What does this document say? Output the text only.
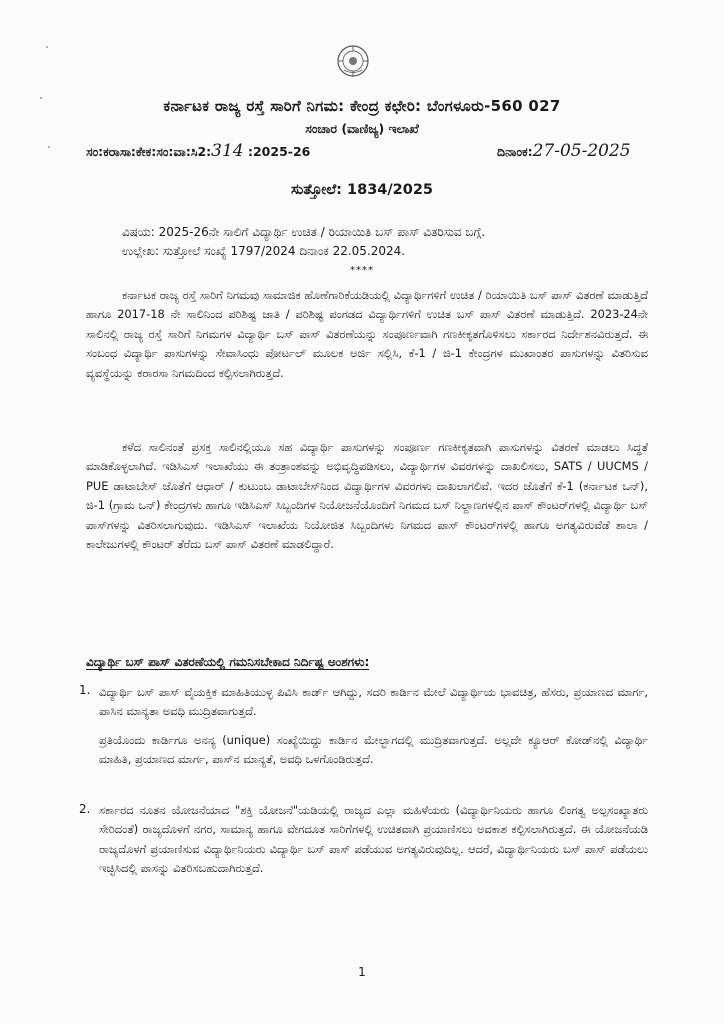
ಕರ್ನಾಟಕ ರಾಜ್ಯ ರಸ್ತೆ ಸಾರಿಗೆ ನಿಗಮ: ಕೇಂದ್ರ ಕಛೇರಿ: ಬೆಂಗಳೂರು-560 027
ಸಂಚಾರ (ವಾಣಿಜ್ಯ) ಇಲಾಖೆ
ಸಂ:ಕರಾಸಾ:ಕೇಕ:ಸಂ:ವಾ:ಸಿ2:314 :2025-26	ದಿನಾಂಕ:27-05-2025
ಸುತ್ತೋಲೆ: 1834/2025
ವಿಷಯ: 2025-26ನೇ ಸಾಲಿಗೆ ವಿದ್ಯಾರ್ಥಿ ಉಚಿತ / ರಿಯಾಯಿತಿ ಬಸ್ ಪಾಸ್ ವಿತರಿಸುವ ಬಗ್ಗೆ.
ಉಲ್ಲೇಖ: ಸುತ್ತೋಲೆ ಸಂಖ್ಯೆ 1797/2024 ದಿನಾಂಕ 22.05.2024.
****

ಕರ್ನಾಟಕ ರಾಜ್ಯ ರಸ್ತೆ ಸಾರಿಗೆ ನಿಗಮವು ಸಾಮಾಜಿಕ ಹೊಣೆಗಾರಿಕೆಯಡಿಯಲ್ಲಿ ವಿದ್ಯಾರ್ಥಿಗಳಿಗೆ ಉಚಿತ / ರಿಯಾಯಿತಿ ಬಸ್ ಪಾಸ್ ವಿತರಣೆ ಮಾಡುತ್ತಿದೆ ಹಾಗೂ 2017-18 ನೇ ಸಾಲಿನಿಂದ ಪರಿಶಿಷ್ಟ ಜಾತಿ / ಪರಿಶಿಷ್ಟ ಪಂಗಡದ ವಿದ್ಯಾರ್ಥಿಗಳಿಗೆ ಉಚಿತ ಬಸ್ ಪಾಸ್ ವಿತರಣೆ ಮಾಡುತ್ತಿದೆ. 2023-24ನೇ ಸಾಲಿನಲ್ಲಿ ರಾಜ್ಯ ರಸ್ತೆ ಸಾರಿಗೆ ನಿಗಮಗಳ ವಿದ್ಯಾರ್ಥಿ ಬಸ್ ಪಾಸ್ ವಿತರಣೆಯನ್ನು ಸಂಪೂರ್ಣವಾಗಿ ಗಣಕೀಕೃತಗೊಳಿಸಲು ಸರ್ಕಾರದ ನಿರ್ದೇಶನವಿರುತ್ತದೆ. ಈ ಸಂಬಂಧ ವಿದ್ಯಾರ್ಥಿ ಪಾಸುಗಳನ್ನು ಸೇವಾಸಿಂಧು ಪೋರ್ಟಲ್ ಮೂಲಕ ಅರ್ಜಿ ಸಲ್ಲಿಸಿ, ಕೆ-1 / ಜಿ-1 ಕೇಂದ್ರಗಳ ಮುಖಾಂತರ ಪಾಸುಗಳನ್ನು ವಿತರಿಸುವ ವ್ಯವಸ್ಥೆಯನ್ನು ಕರಾರಸಾ ನಿಗಮದಿಂದ ಕಲ್ಪಿಸಲಾಗಿರುತ್ತದೆ.

ಕಳೆದ ಸಾಲಿನಂತೆ ಪ್ರಸಕ್ತ ಸಾಲಿನಲ್ಲಿಯೂ ಸಹ ವಿದ್ಯಾರ್ಥಿ ಪಾಸುಗಳನ್ನು ಸಂಪೂರ್ಣ ಗಣಕೀಕೃತವಾಗಿ ಪಾಸುಗಳನ್ನು ವಿತರಣೆ ಮಾಡಲು ಸಿದ್ಧತೆ ಮಾಡಿಕೊಳ್ಳಲಾಗಿದೆ. ಇಡಿಸಿಎಸ್ ಇಲಾಖೆಯು ಈ ತಂತ್ರಾಂಶವನ್ನು ಅಭಿವೃದ್ಧಿಪಡಿಸಲು, ವಿದ್ಯಾರ್ಥಿಗಳ ವಿವರಗಳನ್ನು ದಾಖಲಿಸಲು, SATS / UUCMS / PUE ಡಾಟಾಬೇಸ್ ಜೊತೆಗೆ ಆಧಾರ್ / ಕುಟುಂಬ ಡಾಟಾಬೇಸ್‌ನಿಂದ ವಿದ್ಯಾರ್ಥಿಗಳ ವಿವರಗಳು ದಾಖಲಾಗಲಿವೆ. ಇದರ ಜೊತೆಗೆ ಕೆ-1 (ಕರ್ನಾಟಕ ಒನ್), ಜಿ-1 (ಗ್ರಾಮ ಒನ್) ಕೇಂದ್ರಗಳು ಹಾಗೂ ಇಡಿಸಿಎಸ್ ಸಿಬ್ಬಂದಿಗಳ ನಿಯೋಜನೆಯೊಂದಿಗೆ ನಿಗಮದ ಬಸ್ ನಿಲ್ದಾಣಗಳಲ್ಲಿನ ಪಾಸ್ ಕೌಂಟರ್‌ಗಳಲ್ಲಿ ವಿದ್ಯಾರ್ಥಿ ಬಸ್ ಪಾಸ್‌ಗಳನ್ನು ವಿತರಿಸಲಾಗುವುದು. ಇಡಿಸಿಎಸ್ ಇಲಾಖೆಯ ನಿಯೋಜಿತ ಸಿಬ್ಬಂದಿಗಳು ನಿಗಮದ ಪಾಸ್ ಕೌಂಟರ್‌ಗಳಲ್ಲಿ ಹಾಗೂ ಅಗತ್ಯವಿರುವೆಡೆ ಶಾಲಾ / ಕಾಲೇಜುಗಳಲ್ಲಿ ಕೌಂಟರ್ ತೆರೆದು ಬಸ್ ಪಾಸ್ ವಿತರಣೆ ಮಾಡಲಿದ್ದಾರೆ.

ವಿದ್ಯಾರ್ಥಿ ಬಸ್ ಪಾಸ್ ವಿತರಣೆಯಲ್ಲಿ ಗಮನಿಸಬೇಕಾದ ನಿರ್ದಿಷ್ಟ ಅಂಶಗಳು:
1. ವಿದ್ಯಾರ್ಥಿ ಬಸ್ ಪಾಸ್ ವೈಯಕ್ತಿಕ ಮಾಹಿತಿಯುಳ್ಳ ಪಿವಿಸಿ ಕಾರ್ಡ್ ಆಗಿದ್ದು, ಸದರಿ ಕಾರ್ಡಿನ ಮೇಲೆ ವಿದ್ಯಾರ್ಥಿಯ ಭಾವಚಿತ್ರ, ಹೆಸರು, ಪ್ರಯಾಣದ ಮಾರ್ಗ, ಪಾಸಿನ ಮಾನ್ಯತಾ ಅವಧಿ ಮುದ್ರಿತವಾಗುತ್ತದೆ.

ಪ್ರತಿಯೊಂದು ಕಾರ್ಡಿಗೂ ಅನನ್ಯ (unique) ಸಂಖ್ಯೆಯಿದ್ದು ಕಾರ್ಡಿನ ಮೇಲ್ಭಾಗದಲ್ಲಿ ಮುದ್ರಿತವಾಗುತ್ತದೆ. ಅಲ್ಲದೇ ಕ್ಯೂಆರ್ ಕೋಡ್‌ನಲ್ಲಿ ವಿದ್ಯಾರ್ಥಿ ಮಾಹಿತಿ, ಪ್ರಯಾಣದ ಮಾರ್ಗ, ಪಾಸ್‌ನ ಮಾನ್ಯತೆ, ಅವಧಿ ಒಳಗೊಂಡಿರುತ್ತದೆ.

2. ಸರ್ಕಾರದ ನೂತನ ಯೋಜನೆಯಾದ "ಶಕ್ತಿ ಯೋಜನೆ"ಯಡಿಯಲ್ಲಿ ರಾಜ್ಯದ ಎಲ್ಲಾ ಮಹಿಳೆಯರು (ವಿದ್ಯಾರ್ಥಿನಿಯರು ಹಾಗೂ ಲಿಂಗತ್ವ ಅಲ್ಪಸಂಖ್ಯಾತರು ಸೇರಿದಂತೆ) ರಾಜ್ಯದೊಳಗೆ ನಗರ, ಸಾಮಾನ್ಯ ಹಾಗೂ ವೇಗದೂತ ಸಾರಿಗೆಗಳಲ್ಲಿ ಉಚಿತವಾಗಿ ಪ್ರಯಾಣಿಸಲು ಅವಕಾಶ ಕಲ್ಪಿಸಲಾಗಿರುತ್ತದೆ. ಈ ಯೋಜನೆಯಡಿ ರಾಜ್ಯದೊಳಗೆ ಪ್ರಯಾಣಿಸುವ ವಿದ್ಯಾರ್ಥಿನಿಯರು ವಿದ್ಯಾರ್ಥಿ ಬಸ್ ಪಾಸ್ ಪಡೆಯುವ ಅಗತ್ಯವಿರುವುದಿಲ್ಲ. ಆದರೆ, ವಿದ್ಯಾರ್ಥಿನಿಯರು ಬಸ್ ಪಾಸ್ ಪಡೆಯಲು ಇಚ್ಛಿಸಿದಲ್ಲಿ ಪಾಸನ್ನು ವಿತರಿಸಬಹುದಾಗಿರುತ್ತದೆ.

1
